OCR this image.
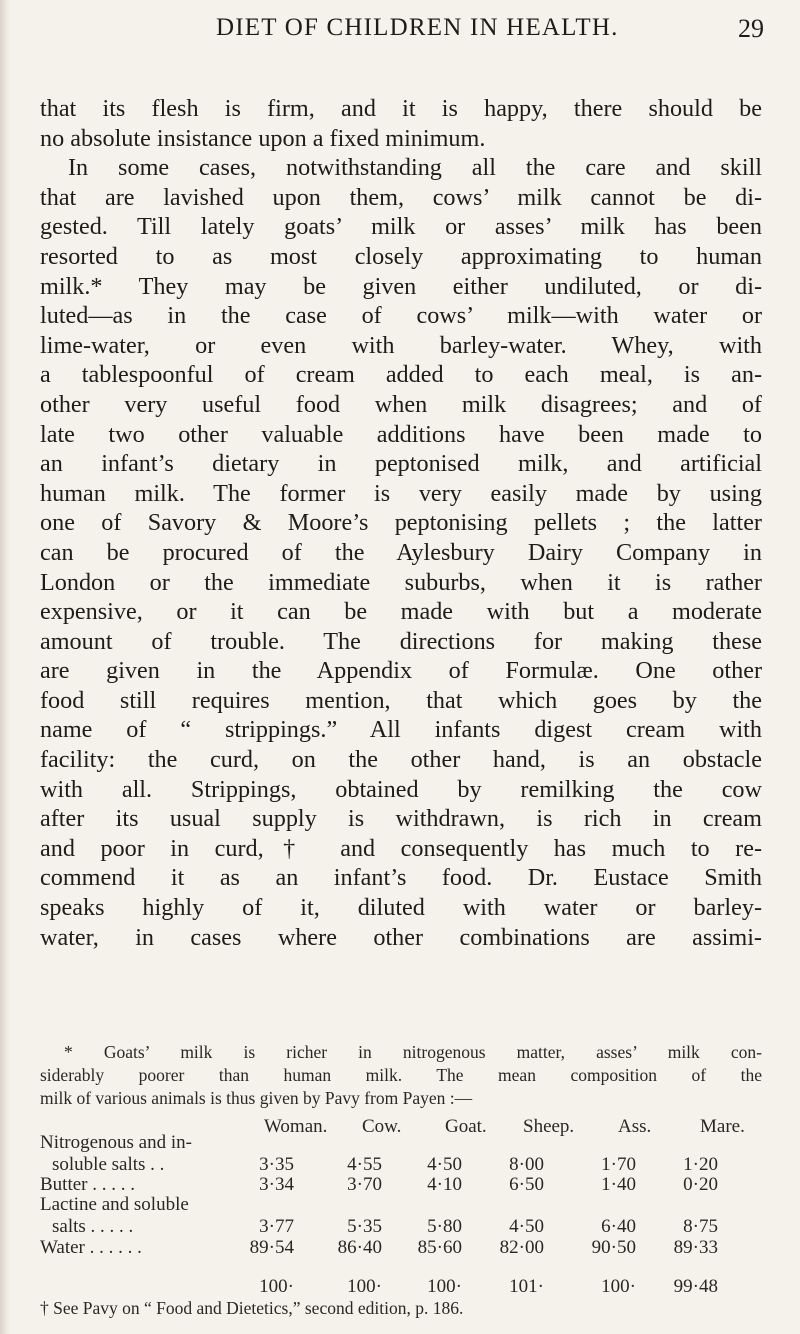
DIET OF CHILDREN IN HEALTH.	29
that its flesh is firm, and it is happy, there should be
no absolute insistance upon a fixed minimum.
In some cases, notwithstanding all the care and skill
that are lavished upon them, cows’ milk cannot be di-
gested. Till lately goats’ milk or asses’ milk has been
resorted to as most closely approximating to human
milk.* They may be given either undiluted, or di-
luted—as in the case of cows’ milk—with water or
lime-water, or even with barley-water. Whey, with
a tablespoonful of cream added to each meal, is an-
other very useful food when milk disagrees; and of
late two other valuable additions have been made to
an infant’s dietary in peptonised milk, and artificial
human milk. The former is very easily made by using
one of Savory & Moore’s peptonising pellets ; the latter
can be procured of the Aylesbury Dairy Company in
London or the immediate suburbs, when it is rather
expensive, or it can be made with but a moderate
amount of trouble. The directions for making these
are given in the Appendix of Formulæ. One other
food still requires mention, that which goes by the
name of “ strippings.” All infants digest cream with
facility: the curd, on the other hand, is an obstacle
with all. Strippings, obtained by remilking the cow
after its usual supply is withdrawn, is rich in cream
and poor in curd,† and consequently has much to re-
commend it as an infant’s food. Dr. Eustace Smith
speaks highly of it, diluted with water or barley-
water, in cases where other combinations are assimi-
* Goats’ milk is richer in nitrogenous matter, asses’ milk con-
siderably poorer than human milk. The mean composition of the
milk of various animals is thus given by Pavy from Payen :—
Woman. Cow. Goat. Sheep. Ass.	Mare.
Nitrogenous and in-
soluble salts . .	3·35	4·55	4·50	8·00	1·70	1·20
Butter . . . . .	3·34	3·70	4·10	6·50	1·40	0·20
Lactine and soluble
salts . . . . .	3·77	5·35	5·80	4·50	6·40	8·75
Water . . . . . .	89·54	86·40	85·60	82·00	90·50	89·33
100·	100·	100·	101·	100·	99·48
† See Pavy on “ Food and Dietetics,” second edition, p. 186.
